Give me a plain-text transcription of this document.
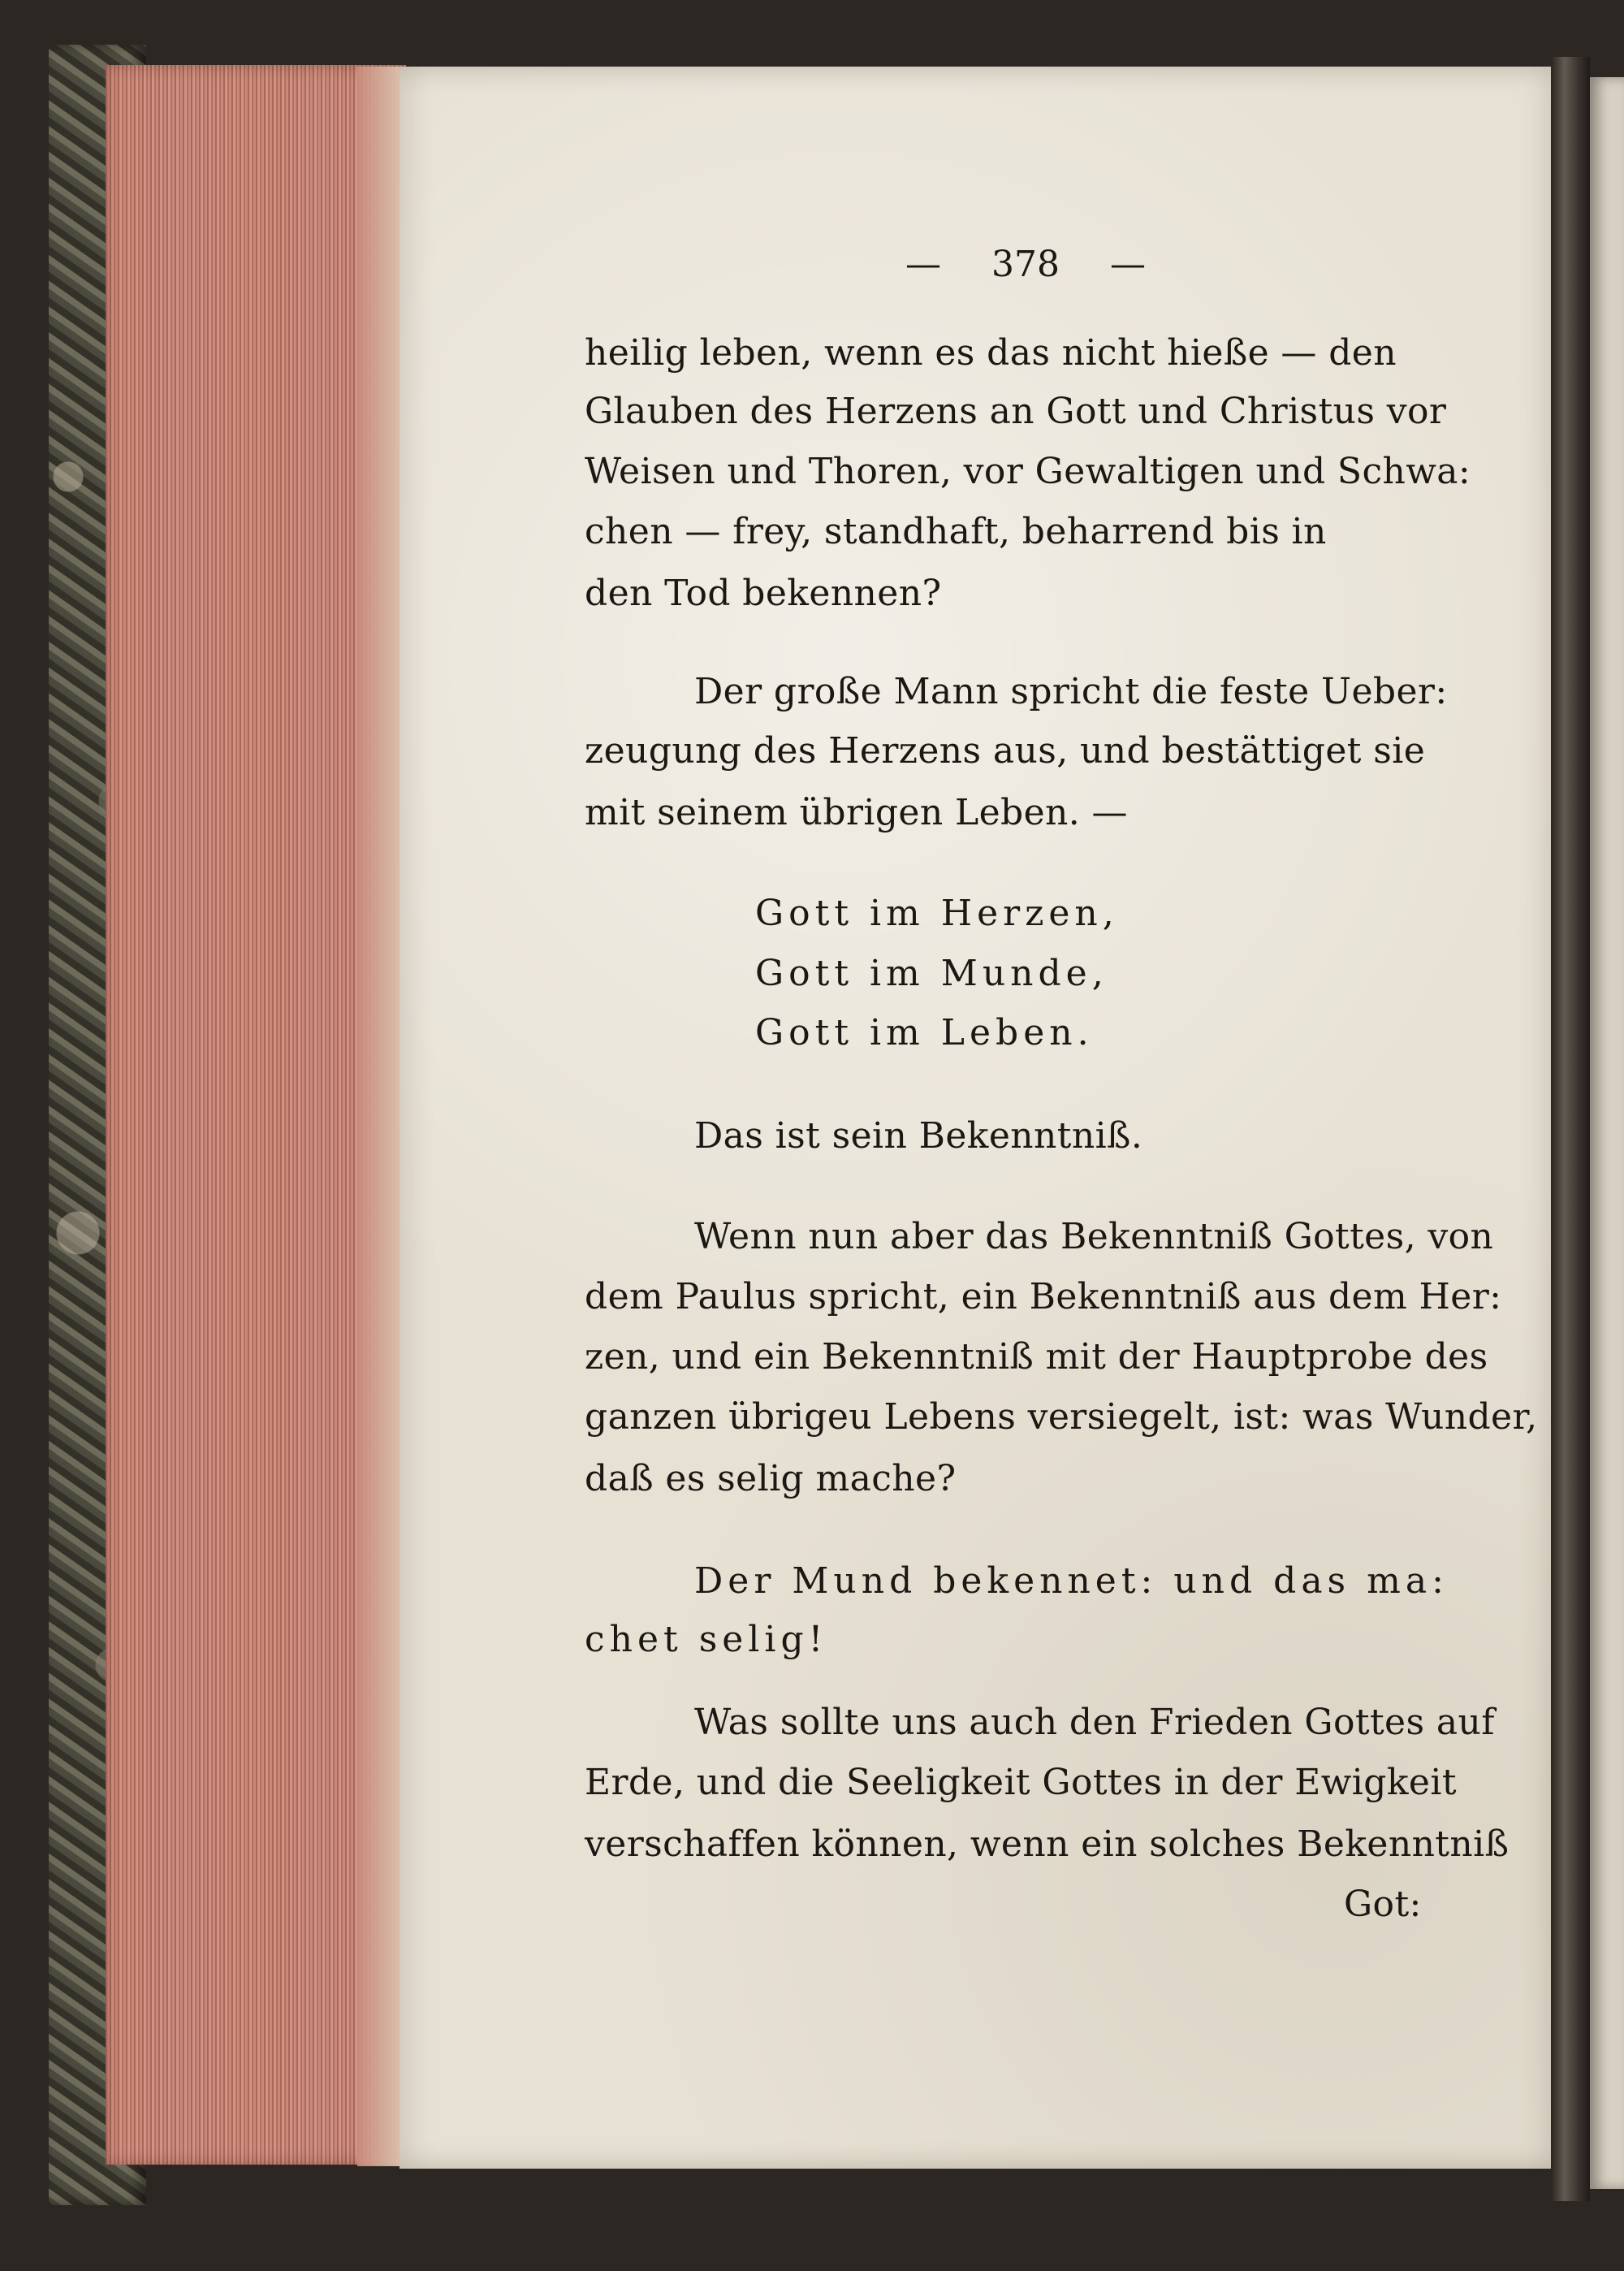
— 378 —
heilig leben, wenn es das nicht hieße — den
Glauben des Herzens an Gott und Christus vor
Weisen und Thoren, vor Gewaltigen und Schwa:
chen — frey, standhaft, beharrend bis in
den Tod bekennen?
Der große Mann spricht die feste Ueber:
zeugung des Herzens aus, und bestättiget sie
mit seinem übrigen Leben. —
Gott im Herzen,
Gott im Munde,
Gott im Leben.
Das ist sein Bekenntniß.
Wenn nun aber das Bekenntniß Gottes, von
dem Paulus spricht, ein Bekenntniß aus dem Her:
zen, und ein Bekenntniß mit der Hauptprobe des
ganzen übrigeu Lebens versiegelt, ist: was Wunder,
daß es selig mache?
Der Mund bekennet: und das ma:
chet selig!
Was sollte uns auch den Frieden Gottes auf
Erde, und die Seeligkeit Gottes in der Ewigkeit
verschaffen können, wenn ein solches Bekenntniß
Got:
